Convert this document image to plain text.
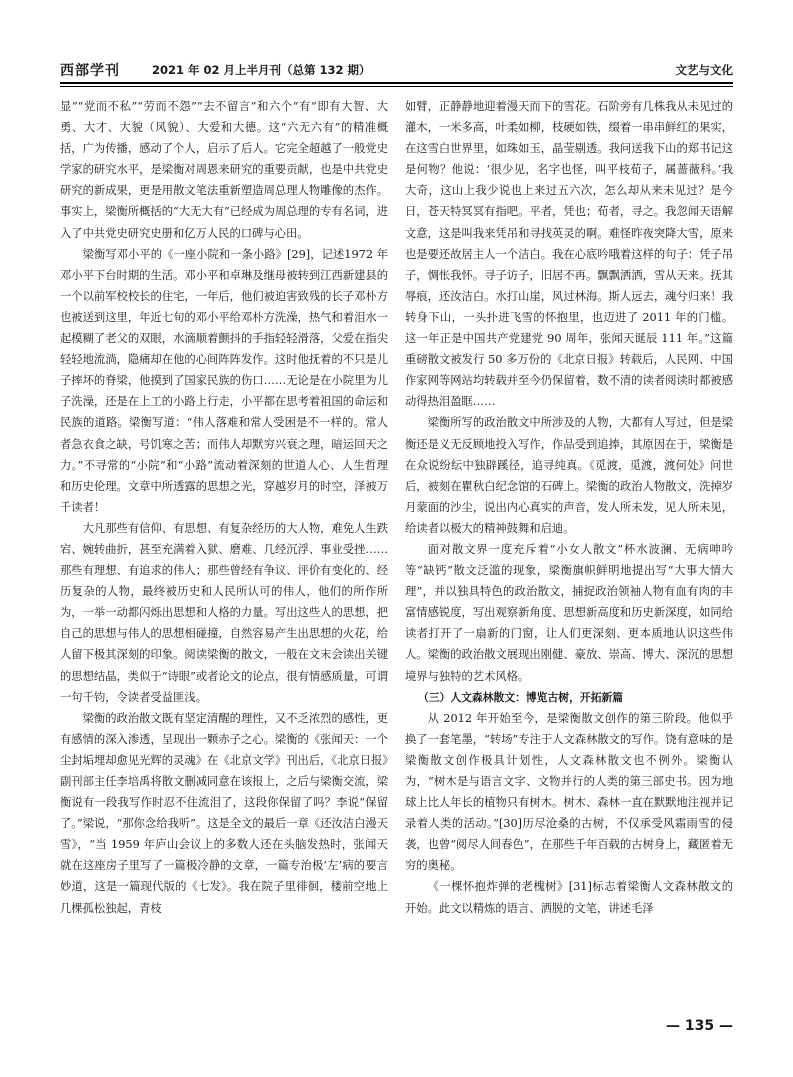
西部学刊	2021 年 02 月上半月刊（总第 132 期）	文艺与文化

显”“党而不私”“劳而不怨”“去不留言”和六个“有”即有大智、大勇、大才、大貌（风貌）、大爱和大德。这“六无六有”的精准概括，广为传播，感动了个人，启示了后人。它完全超越了一般党史学家的研究水平，是梁衡对周恩来研究的重要贡献，也是中共党史研究的新成果，更是用散文笔法重新塑造周总理人物雕像的杰作。事实上，梁衡所概括的“大无大有”已经成为周总理的专有名词，进入了中共党史研究史册和亿万人民的口碑与心田。

梁衡写邓小平的《一座小院和一条小路》[29]，记述1972 年邓小平下台时期的生活。邓小平和卓琳及继母被转到江西新建县的一个以前军校校长的住宅，一年后，他们被迫害致残的长子邓朴方也被送到这里，年近七旬的邓小平给邓朴方洗澡，热气和着泪水一起模糊了老父的双眼，水滴顺着颤抖的手指轻轻滑落，父爱在指尖轻轻地流淌，隐痛却在他的心间阵阵发作。这时他抚着的不只是儿子摔坏的脊梁，他摸到了国家民族的伤口……无论是在小院里为儿子洗澡，还是在上工的小路上行走，小平都在思考着祖国的命运和民族的道路。梁衡写道：“伟人落难和常人受困是不一样的。常人者急衣食之缺，号饥寒之苦；而伟人却默穷兴衰之理，暗运回天之力。”不寻常的“小院”和“小路”流动着深刻的世道人心、人生哲理和历史伦理。文章中所透露的思想之光，穿越岁月的时空，泽被万千读者！

大凡那些有信仰、有思想、有复杂经历的大人物，难免人生跌宕、婉转曲折，甚至充满着入狱、磨难、几经沉浮、事业受挫……那些有理想、有追求的伟人；那些曾经有争议、评价有变化的、经历复杂的人物，最终被历史和人民所认可的伟人，他们的所作所为，一举一动都闪烁出思想和人格的力量。写出这些人的思想，把自己的思想与伟人的思想相碰撞，自然容易产生出思想的火花，给人留下极其深刻的印象。阅读梁衡的散文，一般在文末会读出关键的思想结晶，类似于“诗眼”或者论文的论点，很有情感质量，可谓一句千钧，令读者受益匪浅。

梁衡的政治散文既有坚定清醒的理性，又不乏浓烈的感性，更有感情的深入渗透，呈现出一颗赤子之心。梁衡的《张闻天：一个尘封垢埋却愈见光辉的灵魂》在《北京文学》刊出后，《北京日报》副刊部主任李培禹将散文删减同意在该报上，之后与梁衡交流，梁衡说有一段我写作时忍不住流泪了，这段你保留了吗？李说“保留了。”梁说，“那你念给我听”。这是全文的最后一章《还汝洁白漫天雪》，“当 1959 年庐山会议上的多数人还在头脑发热时，张闻天就在这座房子里写了一篇极冷静的文章，一篇专治极‘左’病的要言妙道，这是一篇现代版的《七发》。我在院子里徘徊，楼前空地上几棵孤松独起，青枝

如臂，正静静地迎着漫天而下的雪花。石阶旁有几株我从未见过的灌木，一米多高，叶柔如柳，枝硬如铁，缀着一串串鲜红的果实，在这雪白世界里，如珠如玉，晶莹剔透。我问送我下山的郑书记这是何物？他说：‘很少见，名字也怪，叫平枝荀子，属蔷薇科。’我大奇，这山上我少说也上来过五六次，怎么却从来未见过？是今日，苍天特冥冥有指吧。平者，凭也；荀者，寻之。我忽闻天语解文意，这是叫我来凭吊和寻找英灵的啊。难怪昨夜突降大雪，原来也是要还故居主人一个洁白。我在心底吟哦着这样的句子：凭子吊子，惆怅我怀。寻子访子，旧居不再。飘飘洒洒，雪从天来。抚其辱痕，还汝洁白。水打山崖，风过林海。斯人远去，魂兮归来！我转身下山，一头扑进飞雪的怀抱里，也迈进了 2011 年的门槛。这一年正是中国共产党建党 90 周年，张闻天诞辰 111 年。”这篇重磅散文被发行 50 多万份的《北京日报》转载后，人民网、中国作家网等网站均转载并至今仍保留着，数不清的读者阅读时都被感动得热泪盈眶……

梁衡所写的政治散文中所涉及的人物，大都有人写过，但是梁衡还是义无反顾地投入写作，作品受到追捧，其原因在于，梁衡是在众说纷纭中独辟蹊径，追寻纯真。《觅渡，觅渡，渡何处》问世后，被刻在瞿秋白纪念馆的石碑上。梁衡的政治人物散文，洗掉岁月蒙面的沙尘，说出内心真实的声音，发人所未发，见人所未见，给读者以极大的精神鼓舞和启迪。

面对散文界一度充斥着“小女人散文”杯水波澜、无病呻吟等“缺钙”散文泛滥的现象，梁衡旗帜鲜明地提出写“大事大情大理”，并以独具特色的政治散文，捕捉政治领袖人物有血有肉的丰富情感锐度，写出观察新角度、思想新高度和历史新深度，如同给读者打开了一扇新的门窗，让人们更深刻、更本质地认识这些伟人。梁衡的政治散文展现出刚健、豪放、崇高、博大、深沉的思想境界与独特的艺术风格。

（三）人文森林散文：博览古树，开拓新篇

从 2012 年开始至今，是梁衡散文创作的第三阶段。他似乎换了一套笔墨，“转场”专注于人文森林散文的写作。饶有意味的是梁衡散文创作极具计划性，人文森林散文也不例外。梁衡认为，“树木是与语言文字、文物并行的人类的第三部史书。因为地球上比人年长的植物只有树木。树木、森林一直在默默地注视并记录着人类的活动。”[30]历尽沧桑的古树，不仅承受风霜雨雪的侵袭，也曾“阅尽人间春色”，在那些千年百载的古树身上，藏匿着无穷的奥秘。

《一棵怀抱炸弹的老槐树》[31]标志着梁衡人文森林散文的开始。此文以精炼的语言、洒脱的文笔，讲述毛泽

— 135 —
